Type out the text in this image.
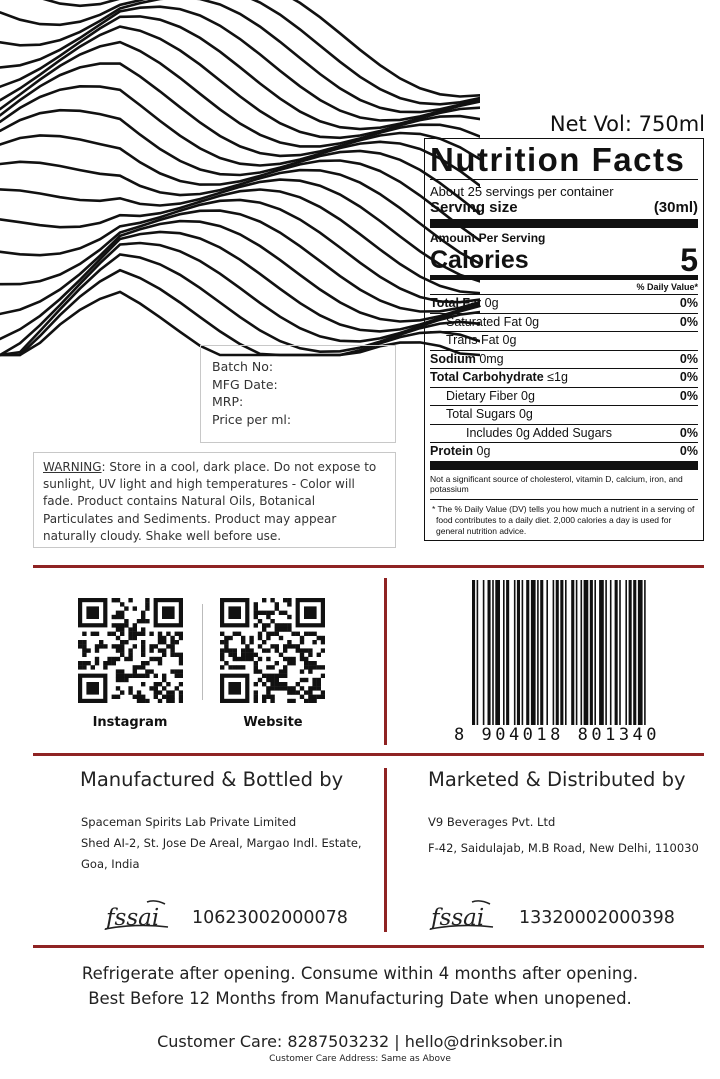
Net Vol: 750ml
Nutrition Facts
About 25 servings per container
Serving size	(30ml)
Amount Per Serving
Calories	5
% Daily Value*
Total Fat 0g	0%
Saturated Fat 0g	0%
Trans Fat 0g
Sodium 0mg	0%
Total Carbohydrate ≤1g	0%
Dietary Fiber 0g	0%
Total Sugars 0g
Includes 0g Added Sugars	0%
Protein 0g	0%
Not a significant source of cholesterol, vitamin D, calcium, iron, and potassium
* The % Daily Value (DV) tells you how much a nutrient in a serving of food contributes to a daily diet. 2,000 calories a day is used for general nutrition advice.
Batch No:
MFG Date:
MRP:
Price per ml:
WARNING: Store in a cool, dark place. Do not expose to sunlight, UV light and high temperatures - Color will fade. Product contains Natural Oils, Botanical Particulates and Sediments. Product may appear naturally cloudy. Shake well before use.
Instagram	Website
8 904018 801340
Manufactured & Bottled by
Spaceman Spirits Lab Private Limited
Shed AI-2, St. Jose De Areal, Margao Indl. Estate,
Goa, India
fssai 10623002000078
Marketed & Distributed by
V9 Beverages Pvt. Ltd
F-42, Saidulajab, M.B Road, New Delhi, 110030
fssai 13320002000398
Refrigerate after opening. Consume within 4 months after opening.
Best Before 12 Months from Manufacturing Date when unopened.
Customer Care: 8287503232 | hello@drinksober.in
Customer Care Address: Same as Above
